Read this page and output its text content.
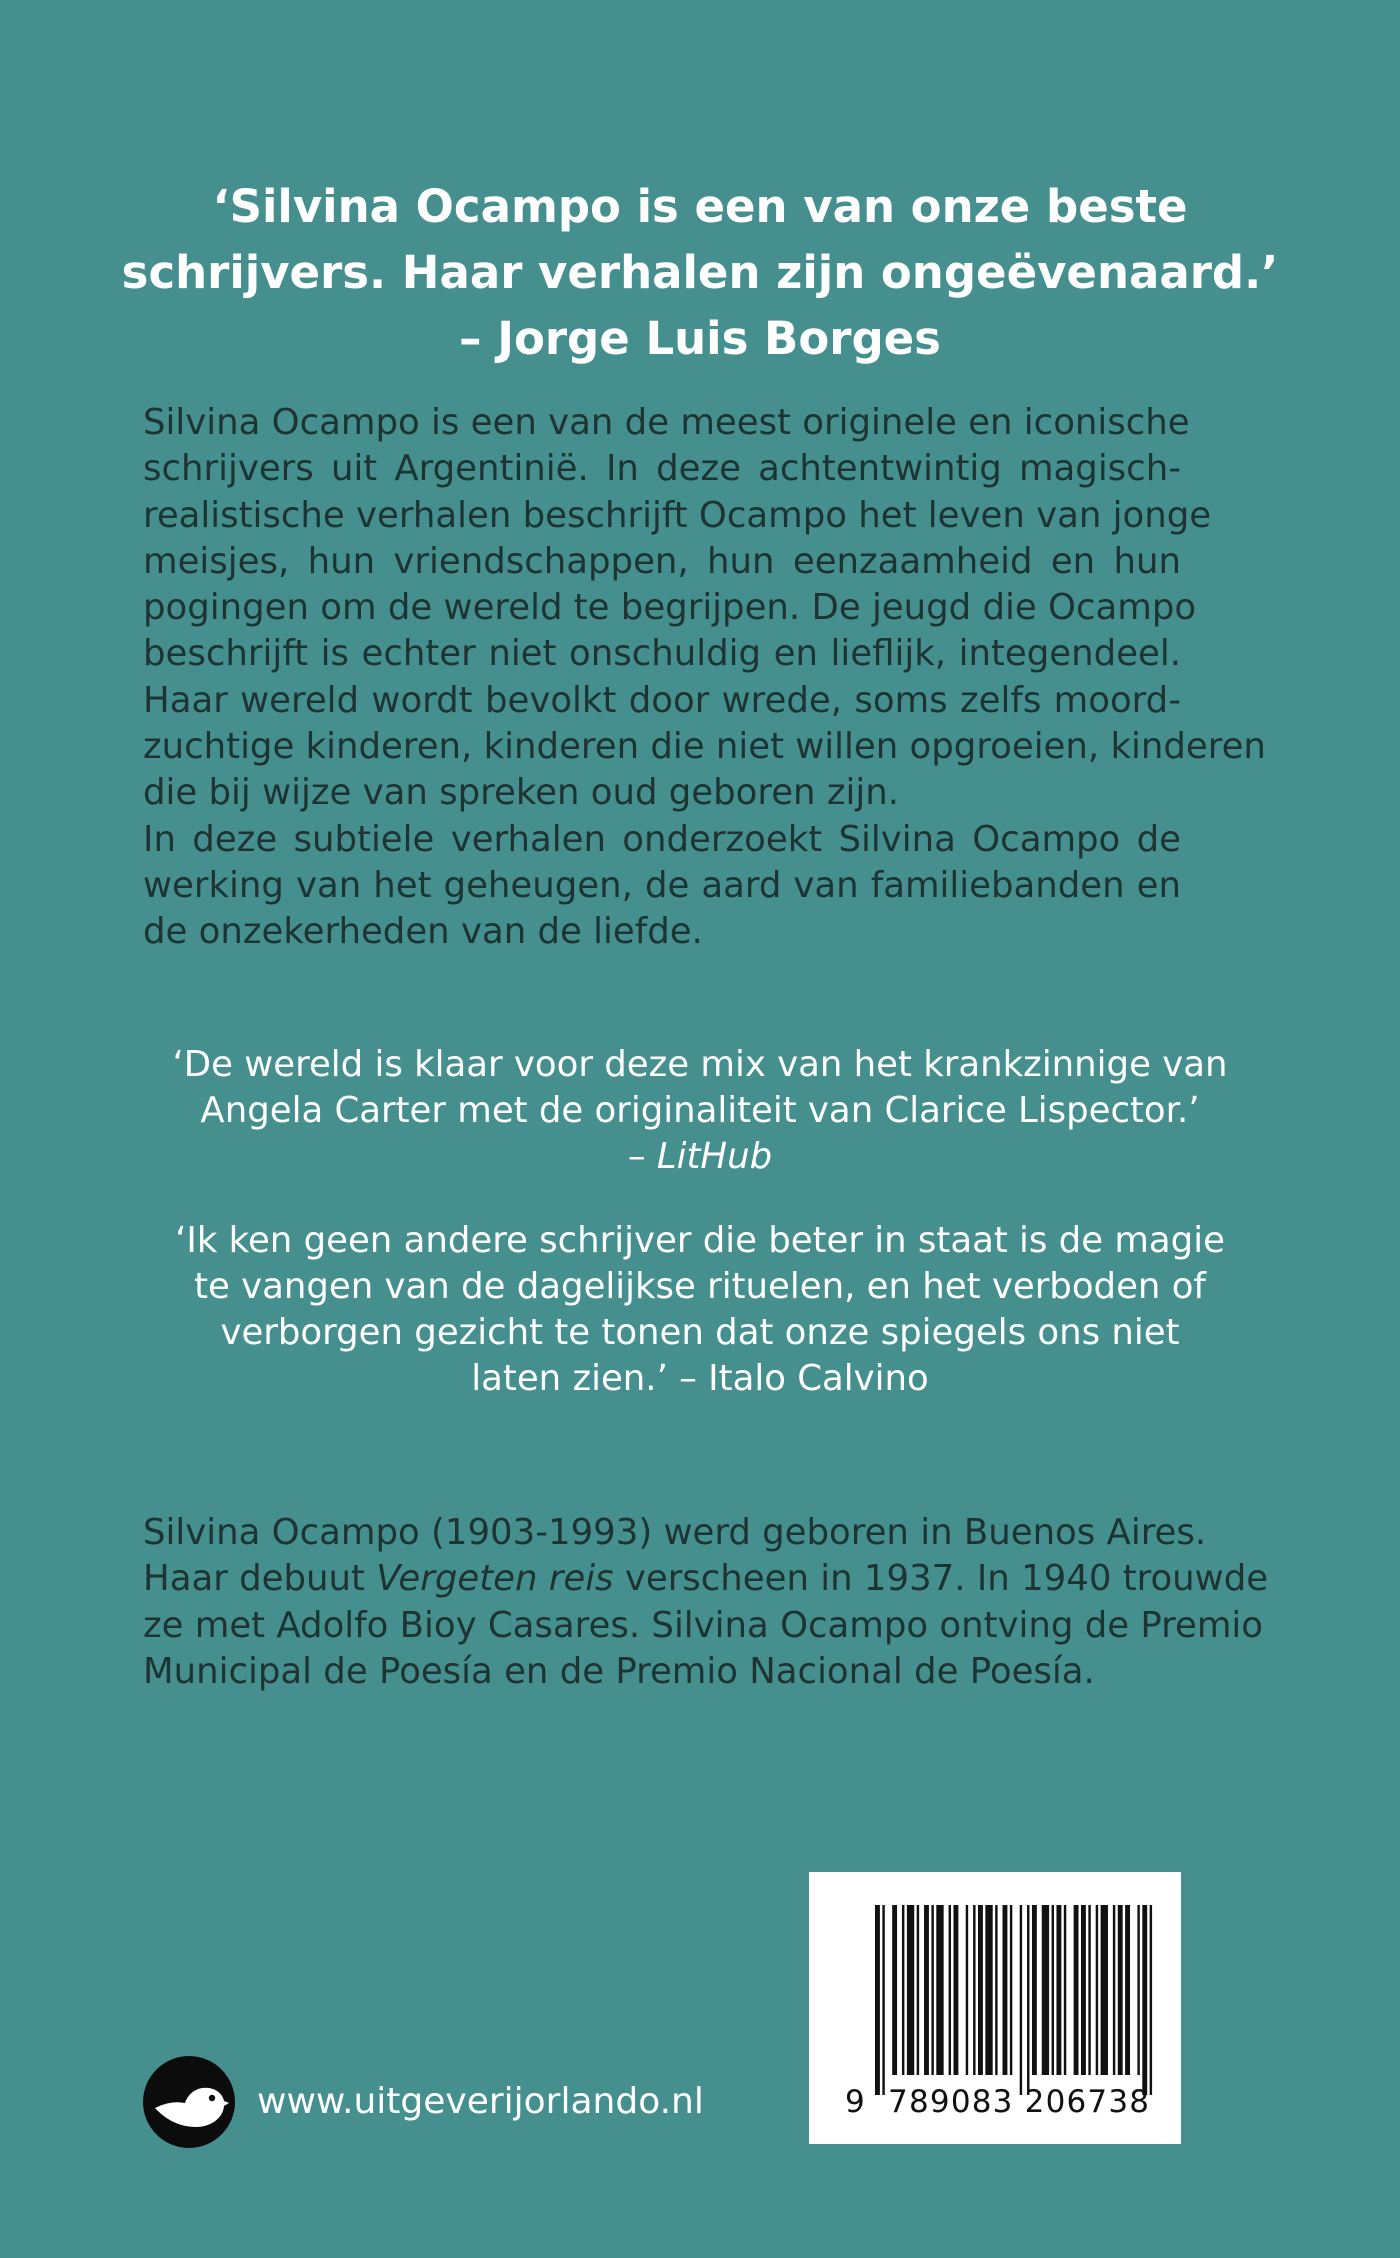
‘Silvina Ocampo is een van onze beste
schrijvers. Haar verhalen zijn ongeëvenaard.’
– Jorge Luis Borges
Silvina Ocampo is een van de meest originele en iconische
schrijvers uit Argentinië. In deze achtentwintig magisch-
realistische verhalen beschrijft Ocampo het leven van jonge
meisjes, hun vriendschappen, hun eenzaamheid en hun
pogingen om de wereld te begrijpen. De jeugd die Ocampo
beschrijft is echter niet onschuldig en lieflijk, integendeel.
Haar wereld wordt bevolkt door wrede, soms zelfs moord-
zuchtige kinderen, kinderen die niet willen opgroeien, kinderen
die bij wijze van spreken oud geboren zijn.
In deze subtiele verhalen onderzoekt Silvina Ocampo de
werking van het geheugen, de aard van familiebanden en
de onzekerheden van de liefde.
‘De wereld is klaar voor deze mix van het krankzinnige van
Angela Carter met de originaliteit van Clarice Lispector.’
– LitHub
‘Ik ken geen andere schrijver die beter in staat is de magie
te vangen van de dagelijkse rituelen, en het verboden of
verborgen gezicht te tonen dat onze spiegels ons niet
laten zien.’ – Italo Calvino
Silvina Ocampo (1903-1993) werd geboren in Buenos Aires.
Haar debuut Vergeten reis verscheen in 1937. In 1940 trouwde
ze met Adolfo Bioy Casares. Silvina Ocampo ontving de Premio
Municipal de Poesía en de Premio Nacional de Poesía.
www.uitgeverijorlando.nl	9 789083 206738
